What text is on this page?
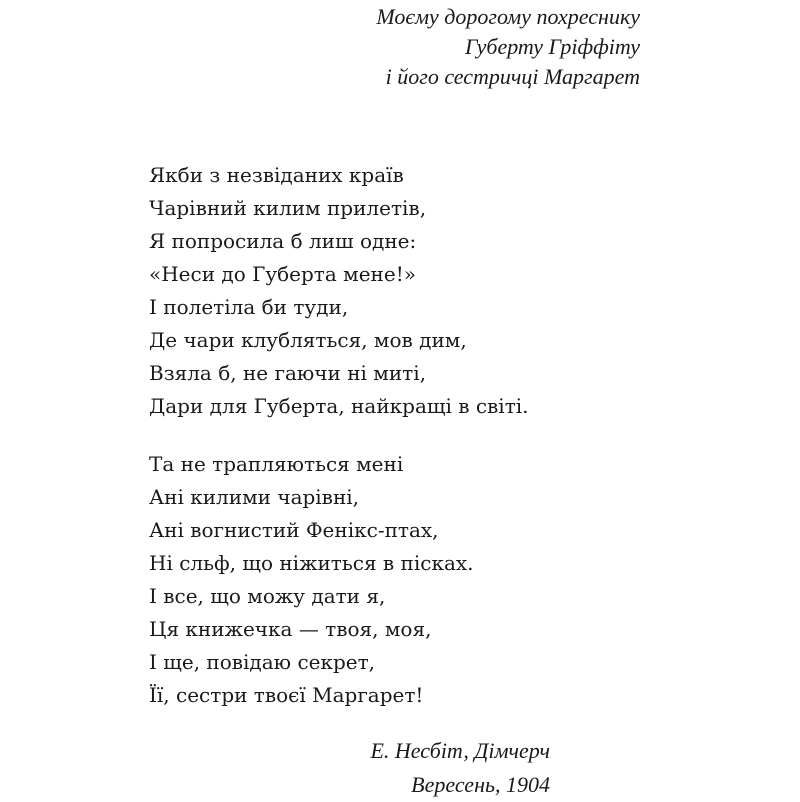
Моєму дорогому похреснику
Губерту Гріффіту
і його сестричці Маргарет
Якби з незвіданих країв
Чарівний килим прилетів,
Я попросила б лиш одне:
«Неси до Губерта мене!»
І полетіла би туди,
Де чари клубляться, мов дим,
Взяла б, не гаючи ні миті,
Дари для Губерта, найкращі в світі.
Та не трапляються мені
Ані килими чарівні,
Ані вогнистий Фенікс-птах,
Ні сльф, що ніжиться в пісках.
І все, що можу дати я,
Ця книжечка — твоя, моя,
І ще, повідаю секрет,
Її, сестри твоєї Маргарет!
Е. Несбіт, Дімчерч
Вересень, 1904
